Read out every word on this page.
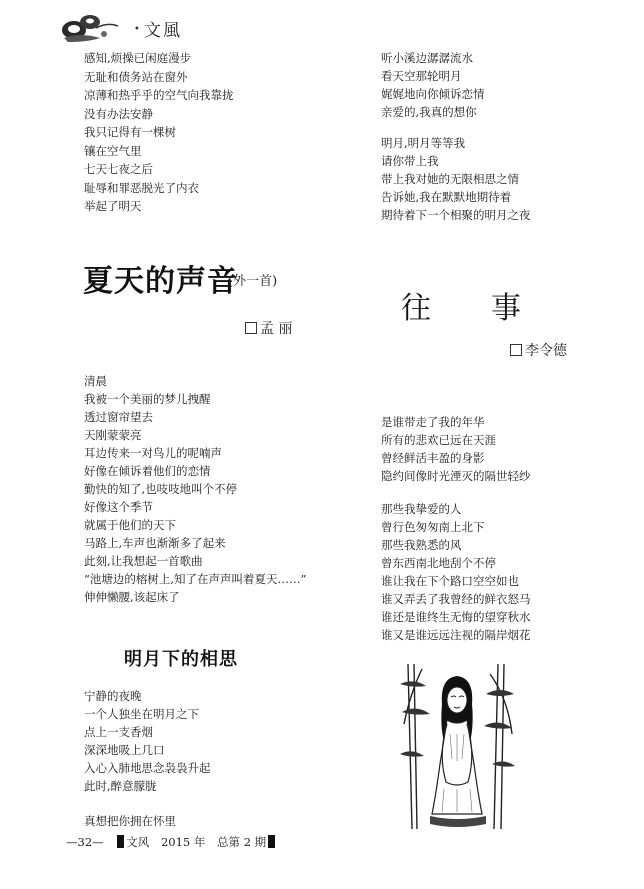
• 文風
感知,烦操已闲庭漫步
无耻和债务站在窗外
凉薄和热乎乎的空气向我靠拢
没有办法安静
我只记得有一棵树
镶在空气里
七天七夜之后
耻辱和罪恶脱光了内衣
举起了明天
听小溪边潺潺流水
看天空那轮明月
娓娓地向你倾诉恋情
亲爱的,我真的想你
明月,明月等等我
请你带上我
带上我对她的无限相思之情
告诉她,我在默默地期待着
期待着下一个相聚的明月之夜
夏天的声音
(外一首)
孟 丽
清晨
我被一个美丽的梦儿拽醒
透过窗帘望去
天刚蒙蒙亮
耳边传来一对鸟儿的呢喃声
好像在倾诉着他们的恋情
勤快的知了,也吱吱地叫个不停
好像这个季节
就属于他们的天下
马路上,车声也渐渐多了起来
此刻,让我想起一首歌曲
“池塘边的榕树上,知了在声声叫着夏天……”
伸伸懒腰,该起床了
明月下的相思
宁静的夜晚
一个人独坐在明月之下
点上一支香烟
深深地吸上几口
入心入肺地思念袅袅升起
此时,醉意朦胧
真想把你拥在怀里
往 事
李令德
是谁带走了我的年华
所有的悲欢已远在天涯
曾经鲜活丰盈的身影
隐约间像时光湮灭的隔世轻纱
那些我挚爱的人
曾行色匆匆南上北下
那些我熟悉的风
曾东西南北地刮个不停
谁让我在下个路口空空如也
谁又弄丢了我曾经的鲜衣怒马
谁还是谁终生无悔的望穿秋水
谁又是谁远远注视的隔岸烟花
—32— 文风 2015 年 总第 2 期
